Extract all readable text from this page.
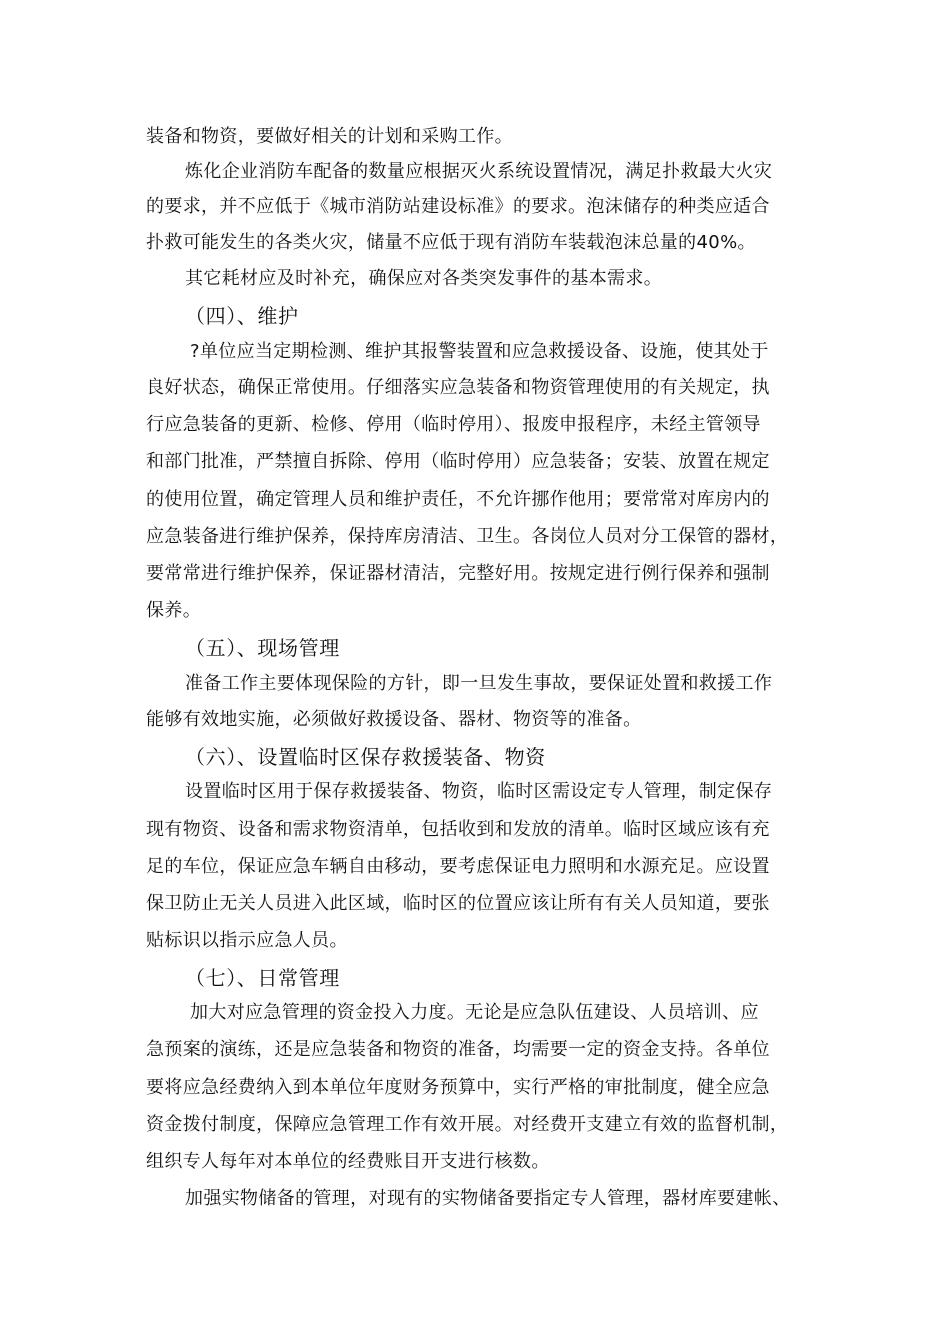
装备和物资，要做好相关的计划和采购工作。
炼化企业消防车配备的数量应根据灭火系统设置情况，满足扑救最大火灾
的要求，并不应低于《城市消防站建设标准》的要求。泡沫储存的种类应适合
扑救可能发生的各类火灾，储量不应低于现有消防车装载泡沫总量的40%。
其它耗材应及时补充，确保应对各类突发事件的基本需求。
（四）、维护
?单位应当定期检测、维护其报警装置和应急救援设备、设施，使其处于
良好状态，确保正常使用。仔细落实应急装备和物资管理使用的有关规定，执
行应急装备的更新、检修、停用（临时停用）、报废申报程序，未经主管领导
和部门批准，严禁擅自拆除、停用（临时停用）应急装备；安装、放置在规定
的使用位置，确定管理人员和维护责任，不允许挪作他用；要常常对库房内的
应急装备进行维护保养，保持库房清洁、卫生。各岗位人员对分工保管的器材，
要常常进行维护保养，保证器材清洁，完整好用。按规定进行例行保养和强制
保养。
（五）、现场管理
准备工作主要体现保险的方针，即一旦发生事故，要保证处置和救援工作
能够有效地实施，必须做好救援设备、器材、物资等的准备。
（六）、设置临时区保存救援装备、物资
设置临时区用于保存救援装备、物资，临时区需设定专人管理，制定保存
现有物资、设备和需求物资清单，包括收到和发放的清单。临时区域应该有充
足的车位，保证应急车辆自由移动，要考虑保证电力照明和水源充足。应设置
保卫防止无关人员进入此区域，临时区的位置应该让所有有关人员知道，要张
贴标识以指示应急人员。
（七）、日常管理
加大对应急管理的资金投入力度。无论是应急队伍建设、人员培训、应
急预案的演练，还是应急装备和物资的准备，均需要一定的资金支持。各单位
要将应急经费纳入到本单位年度财务预算中，实行严格的审批制度，健全应急
资金拨付制度，保障应急管理工作有效开展。对经费开支建立有效的监督机制，
组织专人每年对本单位的经费账目开支进行核数。
加强实物储备的管理，对现有的实物储备要指定专人管理，器材库要建帐、
